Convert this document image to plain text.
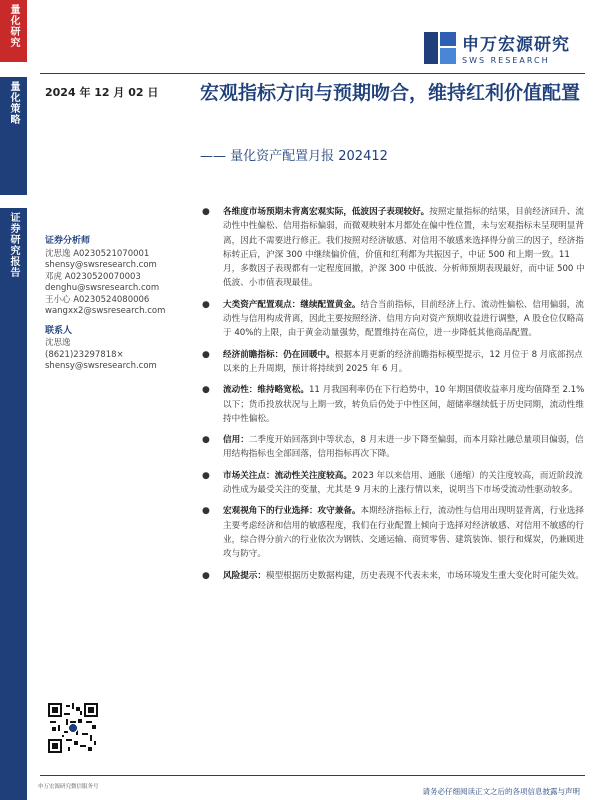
量化研究
量化策略
证券研究报告
申万宏源研究
SWS RESEARCH
2024 年 12 月 02 日 宏观指标方向与预期吻合，维持红利价值配置
—— 量化资产配置月报 202412
证券分析师
沈思逸 A0230521070001
shensy@swsresearch.com
邓虎 A0230520070003
denghu@swsresearch.com
王小心 A0230524080006
wangxx2@swsresearch.com
联系人
沈思逸
(8621)23297818×
shensy@swsresearch.com
● 各维度市场预期未背离宏观实际，低波因子表现较好。按照定量指标的结果，目前经济回升、流动性中性偏松、信用指标偏弱，而微观映射本月都处在偏中性位置，未与宏观指标未呈现明显背离，因此不需要进行修正。我们按照对经济敏感、对信用不敏感来选择得分前三的因子，经济指标转正后，沪深 300 中继续偏价值，价值和红利都为共振因子，中证 500 和上期一致。11 月，多数因子表现都有一定程度回撤，沪深 300 中低波、分析师预期表现最好，而中证 500 中低波、小市值表现最佳。
● 大类资产配置观点：继续配置黄金。结合当前指标，目前经济上行、流动性偏松、信用偏弱，流动性与信用构成背离，因此主要按照经济、信用方向对资产预期收益进行调整，A 股仓位仅略高于 40%的上限，由于黄金动量强势，配置维持在高位，进一步降低其他商品配置。
● 经济前瞻指标：仍在回暖中。根据本月更新的经济前瞻指标模型提示，12 月位于 8 月底部拐点以来的上升周期，预计将持续到 2025 年 6 月。
● 流动性：维持略宽松。11 月我国利率仍在下行趋势中，10 年期国债收益率月度均值降至 2.1%以下；货币投放状况与上期一致，转负后仍处于中性区间，超储率继续低于历史同期，流动性维持中性偏松。
● 信用：二季度开始回落到中等状态，8 月末进一步下降至偏弱，而本月除社融总量项目偏弱，信用结构指标也全部回落，信用指标再次下降。
● 市场关注点：流动性关注度较高。2023 年以来信用、通胀（通缩）的关注度较高，而近阶段流动性成为最受关注的变量，尤其是 9 月末的上涨行情以来，说明当下市场受流动性驱动较多。
● 宏观视角下的行业选择：攻守兼备。本期经济指标上行，流动性与信用出现明显背离，行业选择主要考虑经济和信用的敏感程度，我们在行业配置上倾向于选择对经济敏感、对信用不敏感的行业，综合得分前六的行业依次为钢铁、交通运输、商贸零售、建筑装饰、银行和煤炭，仍兼顾进攻与防守。
● 风险提示：模型根据历史数据构建，历史表现不代表未来，市场环境发生重大变化时可能失效。
申万宏源研究微信服务号	请务必仔细阅读正文之后的各项信息披露与声明
